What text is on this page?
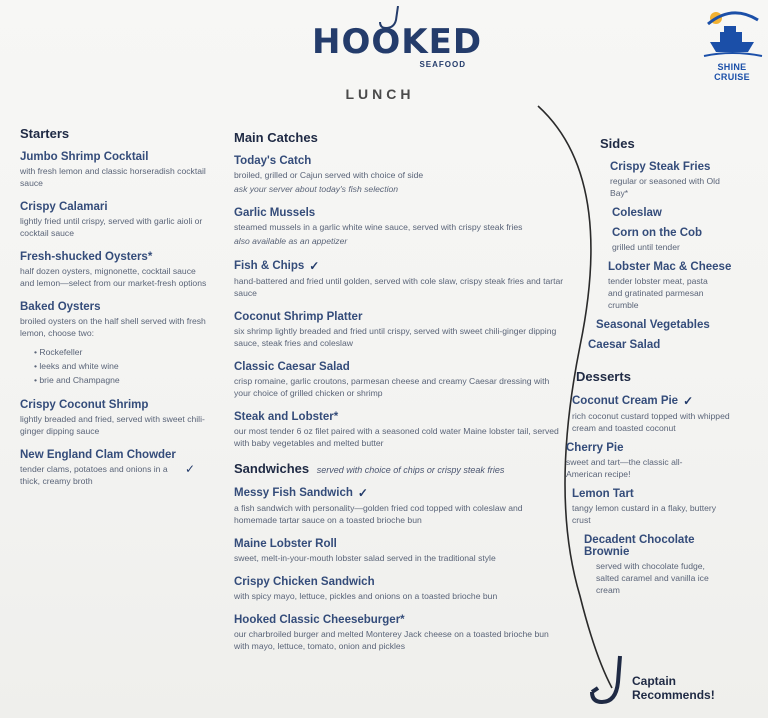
HOOKED
SEAFOOD	SHINE CRUISE
LUNCH
Starters
Jumbo Shrimp Cocktail
with fresh lemon and classic horseradish cocktail sauce
Crispy Calamari
lightly fried until crispy, served with garlic aioli or cocktail sauce
Fresh-shucked Oysters*
half dozen oysters, mignonette, cocktail sauce and lemon—select from our market-fresh options
Baked Oysters
broiled oysters on the half shell served with fresh lemon, choose two:
• Rockefeller
• leeks and white wine
• brie and Champagne
Crispy Coconut Shrimp
lightly breaded and fried, served with sweet chili-ginger dipping sauce
New England Clam Chowder
tender clams, potatoes and onions in a thick, creamy broth
✓
Main Catches
Today's Catch
broiled, grilled or Cajun served with choice of side
ask your server about today's fish selection
Garlic Mussels
steamed mussels in a garlic white wine sauce, served with crispy steak fries
also available as an appetizer
Fish & Chips ✓
hand-battered and fried until golden, served with cole slaw, crispy steak fries and tartar sauce
Coconut Shrimp Platter
six shrimp lightly breaded and fried until crispy, served with sweet chili-ginger dipping sauce, steak fries and coleslaw
Classic Caesar Salad
crisp romaine, garlic croutons, parmesan cheese and creamy Caesar dressing with your choice of grilled chicken or shrimp
Steak and Lobster*
our most tender 6 oz filet paired with a seasoned cold water Maine lobster tail, served with baby vegetables and melted butter
Sandwiches served with choice of chips or crispy steak fries
Messy Fish Sandwich ✓
a fish sandwich with personality—golden fried cod topped with coleslaw and homemade tartar sauce on a toasted brioche bun
Maine Lobster Roll
sweet, melt-in-your-mouth lobster salad served in the traditional style
Crispy Chicken Sandwich
with spicy mayo, lettuce, pickles and onions on a toasted brioche bun
Hooked Classic Cheeseburger*
our charbroiled burger and melted Monterey Jack cheese on a toasted brioche bun with mayo, lettuce, tomato, onion and pickles
Sides
Crispy Steak Fries
regular or seasoned with Old Bay*
Coleslaw
Corn on the Cob
grilled until tender
Lobster Mac & Cheese
tender lobster meat, pasta and gratinated parmesan crumble
Seasonal Vegetables
Caesar Salad
Desserts
Coconut Cream Pie ✓
rich coconut custard topped with whipped cream and toasted coconut
Cherry Pie
sweet and tart—the classic all-American recipe!
Lemon Tart
tangy lemon custard in a flaky, buttery crust
Decadent Chocolate Brownie
served with chocolate fudge, salted caramel and vanilla ice cream
Captain Recommends!
